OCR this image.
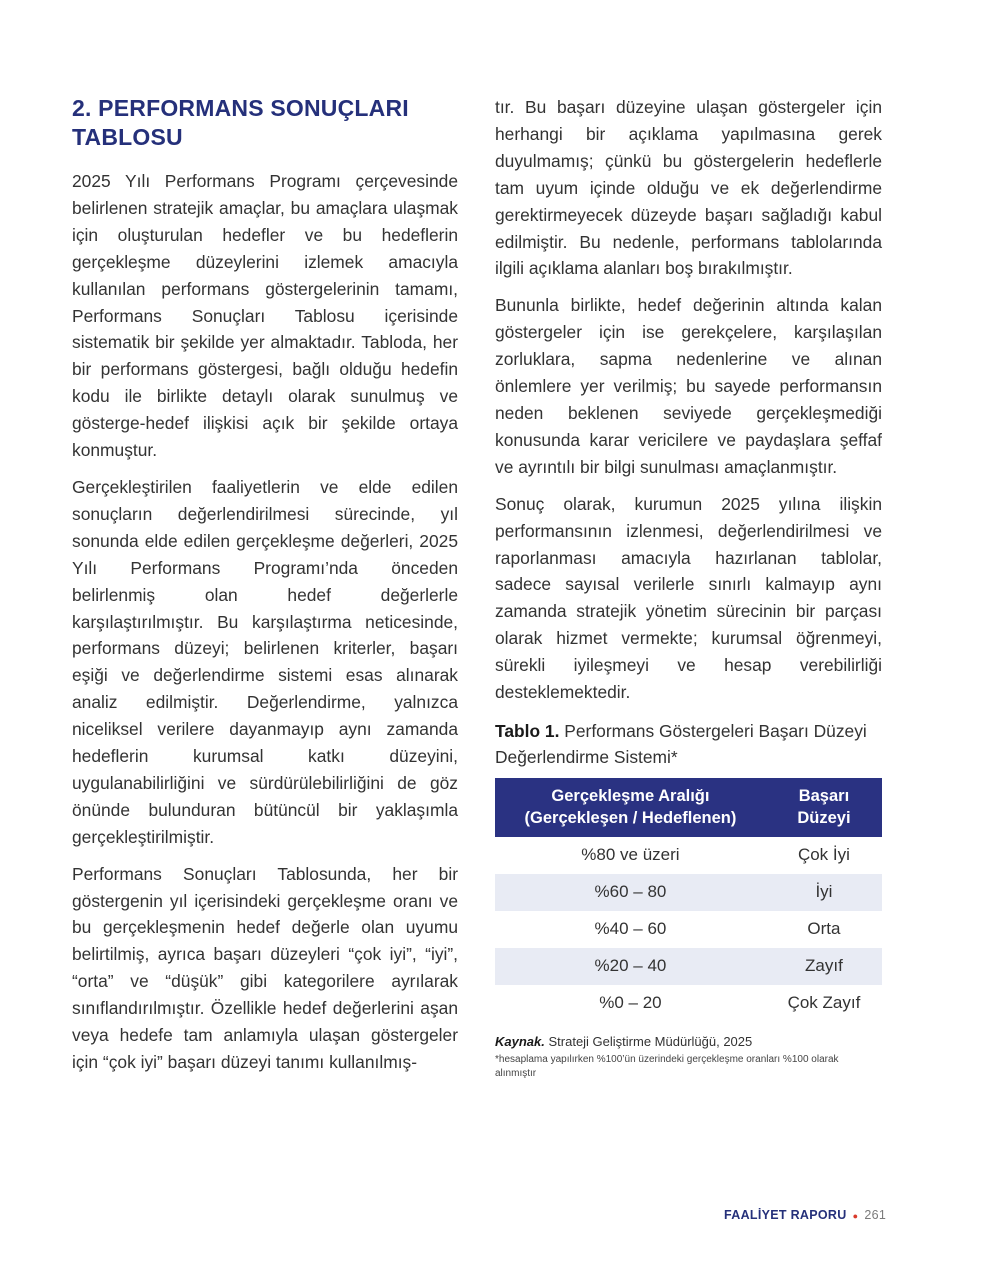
2. PERFORMANS SONUÇLARI
TABLOSU

2025 Yılı Performans Programı çerçevesinde belirlenen stratejik amaçlar, bu amaçlara ulaşmak için oluşturulan hedefler ve bu hedeflerin gerçekleşme düzeylerini izlemek amacıyla kullanılan performans göstergelerinin tamamı, Performans Sonuçları Tablosu içerisinde sistematik bir şekilde yer almaktadır. Tabloda, her bir performans göstergesi, bağlı olduğu hedefin kodu ile birlikte detaylı olarak sunulmuş ve gösterge-hedef ilişkisi açık bir şekilde ortaya konmuştur.

Gerçekleştirilen faaliyetlerin ve elde edilen sonuçların değerlendirilmesi sürecinde, yıl sonunda elde edilen gerçekleşme değerleri, 2025 Yılı Performans Programı’nda önceden belirlenmiş olan hedef değerlerle karşılaştırılmıştır. Bu karşılaştırma neticesinde, performans düzeyi; belirlenen kriterler, başarı eşiği ve değerlendirme sistemi esas alınarak analiz edilmiştir. Değerlendirme, yalnızca niceliksel verilere dayanmayıp aynı zamanda hedeflerin kurumsal katkı düzeyini, uygulanabilirliğini ve sürdürülebilirliğini de göz önünde bulunduran bütüncül bir yaklaşımla gerçekleştirilmiştir.

Performans Sonuçları Tablosunda, her bir göstergenin yıl içerisindeki gerçekleşme oranı ve bu gerçekleşmenin hedef değerle olan uyumu belirtilmiş, ayrıca başarı düzeyleri “çok iyi”, “iyi”, “orta” ve “düşük” gibi kategorilere ayrılarak sınıflandırılmıştır. Özellikle hedef değerlerini aşan veya hedefe tam anlamıyla ulaşan göstergeler için “çok iyi” başarı düzeyi tanımı kullanılmış-

tır. Bu başarı düzeyine ulaşan göstergeler için herhangi bir açıklama yapılmasına gerek duyulmamış; çünkü bu göstergelerin hedeflerle tam uyum içinde olduğu ve ek değerlendirme gerektirmeyecek düzeyde başarı sağladığı kabul edilmiştir. Bu nedenle, performans tablolarında ilgili açıklama alanları boş bırakılmıştır.

Bununla birlikte, hedef değerinin altında kalan göstergeler için ise gerekçelere, karşılaşılan zorluklara, sapma nedenlerine ve alınan önlemlere yer verilmiş; bu sayede performansın neden beklenen seviyede gerçekleşmediği konusunda karar vericilere ve paydaşlara şeffaf ve ayrıntılı bir bilgi sunulması amaçlanmıştır.

Sonuç olarak, kurumun 2025 yılına ilişkin performansının izlenmesi, değerlendirilmesi ve raporlanması amacıyla hazırlanan tablolar, sadece sayısal verilerle sınırlı kalmayıp aynı zamanda stratejik yönetim sürecinin bir parçası olarak hizmet vermekte; kurumsal öğrenmeyi, sürekli iyileşmeyi ve hesap verebilirliği desteklemektedir.

Tablo 1. Performans Göstergeleri Başarı Düzeyi Değerlendirme Sistemi*

Gerçekleşme Aralığı
(Gerçekleşen / Hedeflenen)	Başarı
Düzeyi
%80 ve üzeri	Çok İyi
%60 – 80	İyi
%40 – 60	Orta
%20 – 40	Zayıf
%0 – 20	Çok Zayıf

Kaynak. Strateji Geliştirme Müdürlüğü, 2025

*hesaplama yapılırken %100’ün üzerindeki gerçekleşme oranları %100 olarak alınmıştır
FAALİYET RAPORU ● 261
